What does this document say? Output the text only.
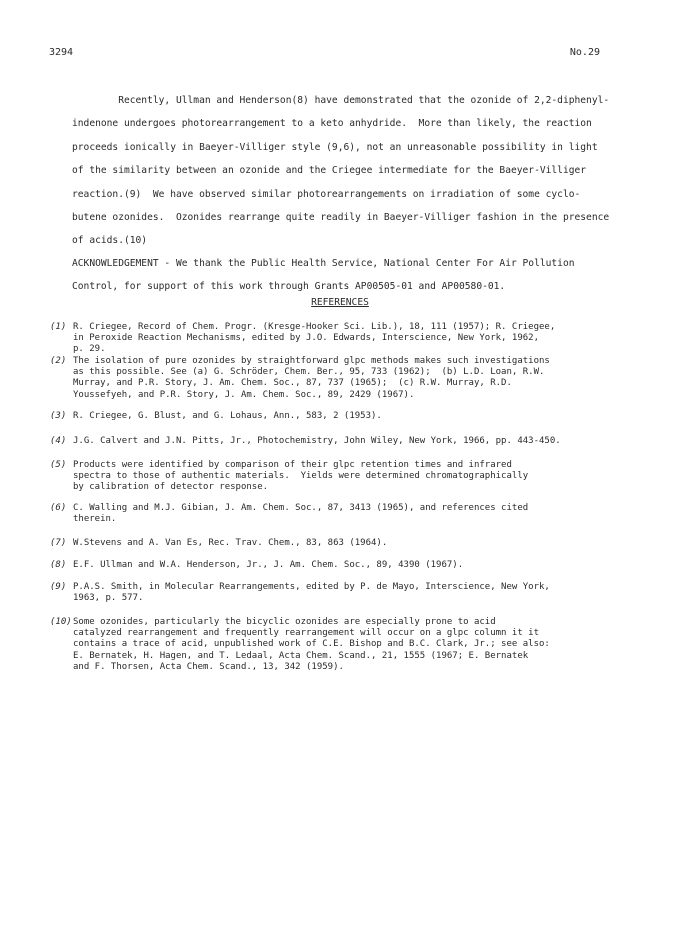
3294	No.29
Recently, Ullman and Henderson(8) have demonstrated that the ozonide of 2,2-diphenyl-
indenone undergoes photorearrangement to a keto anhydride.  More than likely, the reaction
proceeds ionically in Baeyer-Villiger style (9,6), not an unreasonable possibility in light
of the similarity between an ozonide and the Criegee intermediate for the Baeyer-Villiger
reaction.(9)  We have observed similar photorearrangements on irradiation of some cyclo-
butene ozonides.  Ozonides rearrange quite readily in Baeyer-Villiger fashion in the presence
of acids.(10)
ACKNOWLEDGEMENT - We thank the Public Health Service, National Center For Air Pollution
Control, for support of this work through Grants AP00505-01 and AP00580-01.
REFERENCES
(1) R. Criegee, Record of Chem. Progr. (Kresge-Hooker Sci. Lib.), 18, 111 (1957); R. Criegee,
in Peroxide Reaction Mechanisms, edited by J.O. Edwards, Interscience, New York, 1962,
p. 29.
(2) The isolation of pure ozonides by straightforward glpc methods makes such investigations
as this possible. See (a) G. Schröder, Chem. Ber., 95, 733 (1962);  (b) L.D. Loan, R.W.
Murray, and P.R. Story, J. Am. Chem. Soc., 87, 737 (1965);  (c) R.W. Murray, R.D.
Youssefyeh, and P.R. Story, J. Am. Chem. Soc., 89, 2429 (1967).
(3) R. Criegee, G. Blust, and G. Lohaus, Ann., 583, 2 (1953).
(4) J.G. Calvert and J.N. Pitts, Jr., Photochemistry, John Wiley, New York, 1966, pp. 443-450.
(5) Products were identified by comparison of their glpc retention times and infrared
spectra to those of authentic materials.  Yields were determined chromatographically
by calibration of detector response.
(6) C. Walling and M.J. Gibian, J. Am. Chem. Soc., 87, 3413 (1965), and references cited
therein.
(7) W.Stevens and A. Van Es, Rec. Trav. Chem., 83, 863 (1964).
(8) E.F. Ullman and W.A. Henderson, Jr., J. Am. Chem. Soc., 89, 4390 (1967).
(9) P.A.S. Smith, in Molecular Rearrangements, edited by P. de Mayo, Interscience, New York,
1963, p. 577.
(10) Some ozonides, particularly the bicyclic ozonides are especially prone to acid
catalyzed rearrangement and frequently rearrangement will occur on a glpc column it it
contains a trace of acid, unpublished work of C.E. Bishop and B.C. Clark, Jr.; see also:
E. Bernatek, H. Hagen, and T. Ledaal, Acta Chem. Scand., 21, 1555 (1967; E. Bernatek
and F. Thorsen, Acta Chem. Scand., 13, 342 (1959).
